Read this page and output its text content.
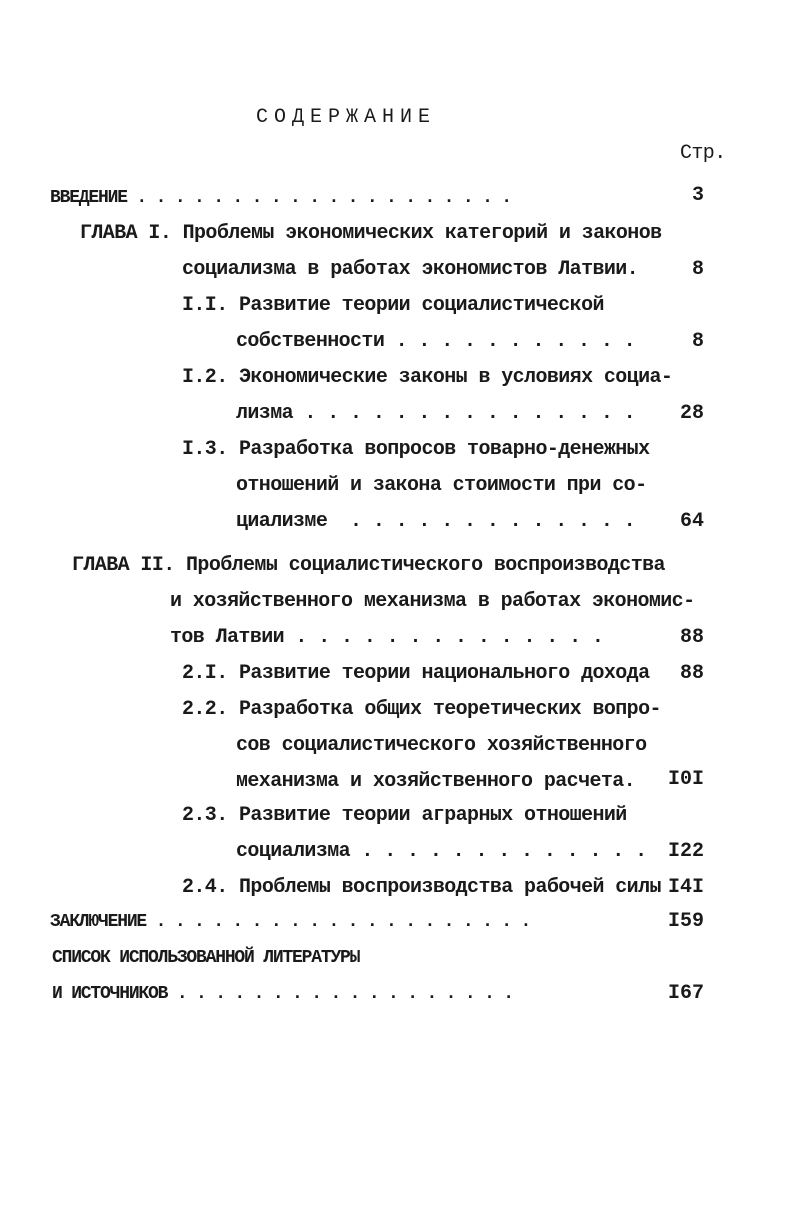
СОДЕРЖАНИЕ
Стр.
ВВЕДЕНИЕ . . . . . . . . . . . . . . . . . . . .	3
ГЛАВА I. Проблемы экономических категорий и законов
социализма в работах экономистов Латвии.	8
I.I. Развитие теории социалистической
собственности . . . . . . . . . . .	8
I.2. Экономические законы в условиях социа-
лизма . . . . . . . . . . . . . . .	28
I.3. Разработка вопросов товарно-денежных
отношений и закона стоимости при со-
циализме  . . . . . . . . . . . . .	64
ГЛАВА II. Проблемы социалистического воспроизводства
и хозяйственного механизма в работах экономис-
тов Латвии . . . . . . . . . . . . . .	88
2.I. Развитие теории национального дохода	88
2.2. Разработка общих теоретических вопро-
сов социалистического хозяйственного
механизма и хозяйственного расчета.	I0I
2.3. Развитие теории аграрных отношений
социализма . . . . . . . . . . . . .	I22
2.4. Проблемы воспроизводства рабочей силы I4I
ЗАКЛЮЧЕНИЕ . . . . . . . . . . . . . . . . . . . .	I59
СПИСОК ИСПОЛЬЗОВАННОЙ ЛИТЕРАТУРЫ
И ИСТОЧНИКОВ . . . . . . . . . . . . . . . . . .	I67
